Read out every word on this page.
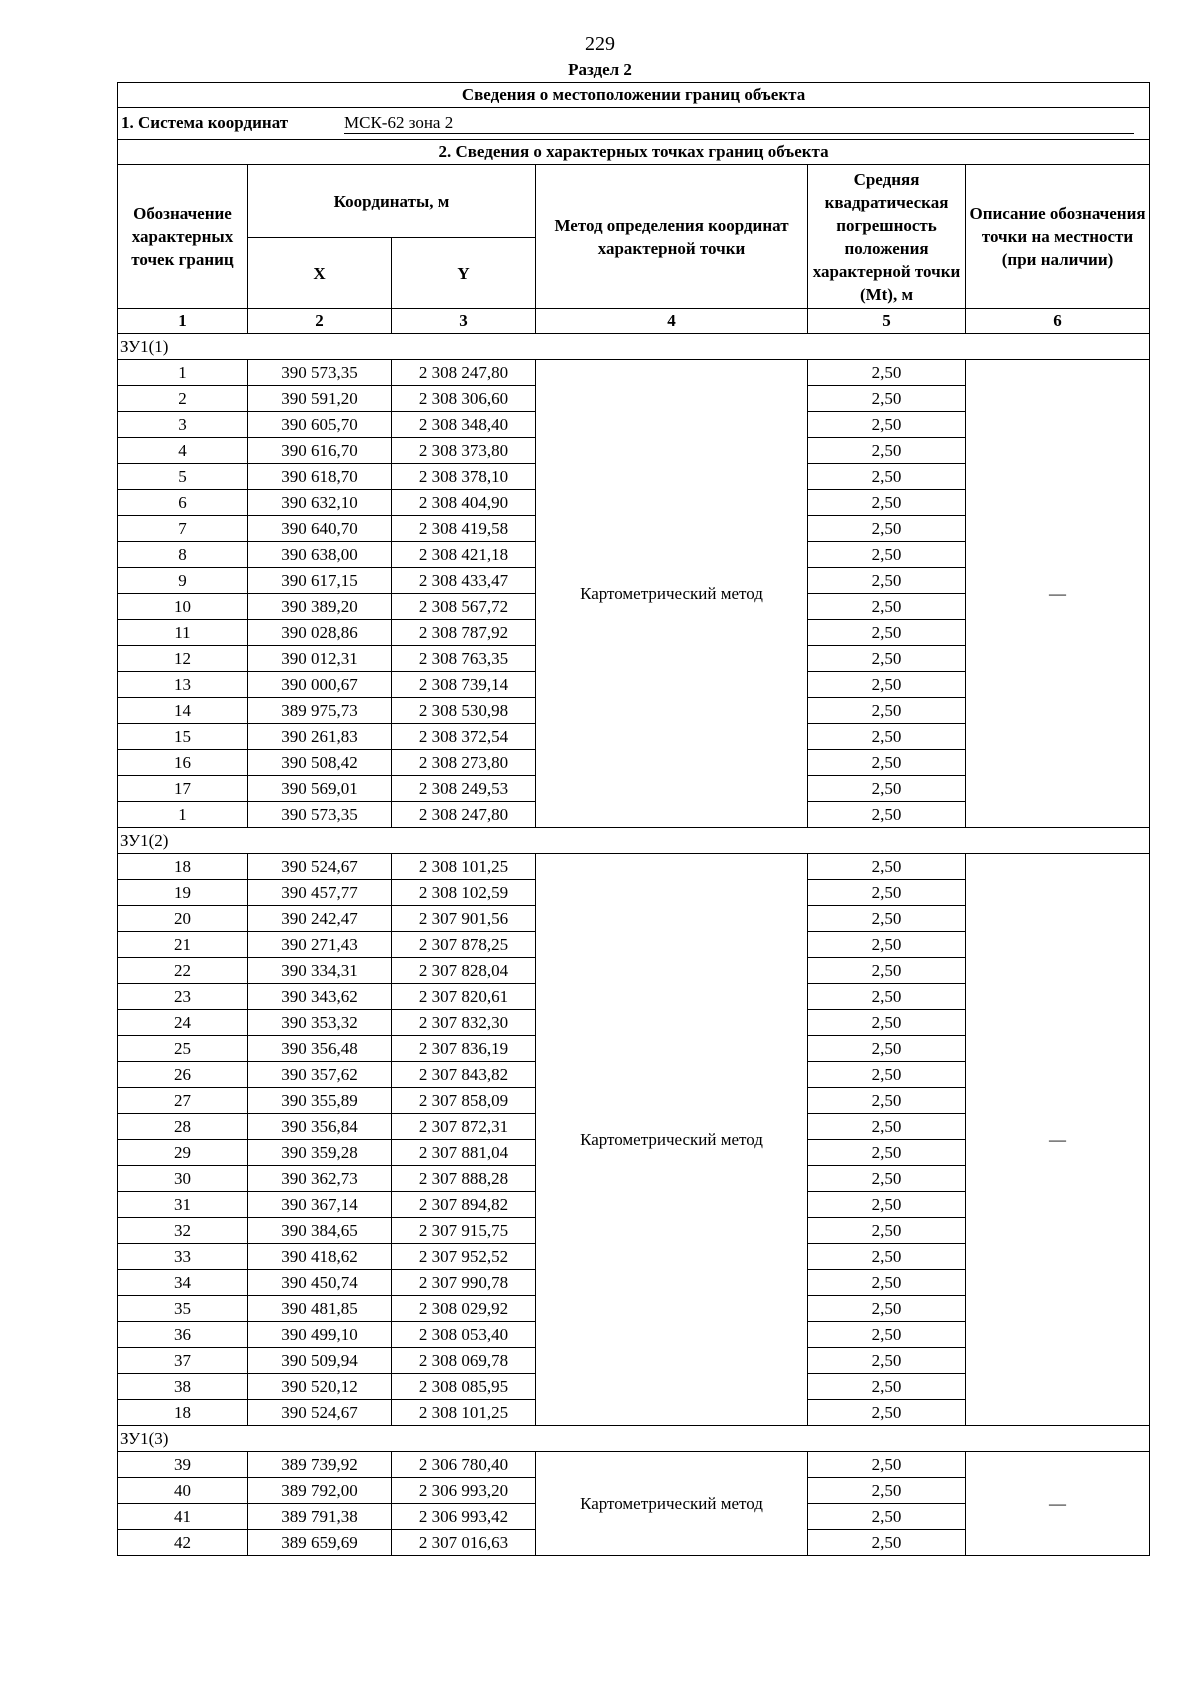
229
Раздел 2
Сведения о местоположении границ объекта					
1. Система координат МСК-62 зона 2					
2. Сведения о характерных точках границ объекта					
Обозначение характерных точек границ	Координаты, м		Метод определения координат характерной точки	Средняя квадратическая погрешность положения характерной точки (Mt), м	Описание обозначения точки на местности (при наличии)
	X	Y			
1	2	3	4	5	6
ЗУ1(1)					
1	390 573,35	2 308 247,80	Картометрический метод	2,50	—
2	390 591,20	2 308 306,60		2,50	
3	390 605,70	2 308 348,40		2,50	
4	390 616,70	2 308 373,80		2,50	
5	390 618,70	2 308 378,10		2,50	
6	390 632,10	2 308 404,90		2,50	
7	390 640,70	2 308 419,58		2,50	
8	390 638,00	2 308 421,18		2,50	
9	390 617,15	2 308 433,47		2,50	
10	390 389,20	2 308 567,72		2,50	
11	390 028,86	2 308 787,92		2,50	
12	390 012,31	2 308 763,35		2,50	
13	390 000,67	2 308 739,14		2,50	
14	389 975,73	2 308 530,98		2,50	
15	390 261,83	2 308 372,54		2,50	
16	390 508,42	2 308 273,80		2,50	
17	390 569,01	2 308 249,53		2,50	
1	390 573,35	2 308 247,80		2,50	
ЗУ1(2)					
18	390 524,67	2 308 101,25	Картометрический метод	2,50	—
19	390 457,77	2 308 102,59		2,50	
20	390 242,47	2 307 901,56		2,50	
21	390 271,43	2 307 878,25		2,50	
22	390 334,31	2 307 828,04		2,50	
23	390 343,62	2 307 820,61		2,50	
24	390 353,32	2 307 832,30		2,50	
25	390 356,48	2 307 836,19		2,50	
26	390 357,62	2 307 843,82		2,50	
27	390 355,89	2 307 858,09		2,50	
28	390 356,84	2 307 872,31		2,50	
29	390 359,28	2 307 881,04		2,50	
30	390 362,73	2 307 888,28		2,50	
31	390 367,14	2 307 894,82		2,50	
32	390 384,65	2 307 915,75		2,50	
33	390 418,62	2 307 952,52		2,50	
34	390 450,74	2 307 990,78		2,50	
35	390 481,85	2 308 029,92		2,50	
36	390 499,10	2 308 053,40		2,50	
37	390 509,94	2 308 069,78		2,50	
38	390 520,12	2 308 085,95		2,50	
18	390 524,67	2 308 101,25		2,50	
ЗУ1(3)					
39	389 739,92	2 306 780,40	Картометрический метод	2,50	—
40	389 792,00	2 306 993,20		2,50	
41	389 791,38	2 306 993,42		2,50	
42	389 659,69	2 307 016,63		2,50	
